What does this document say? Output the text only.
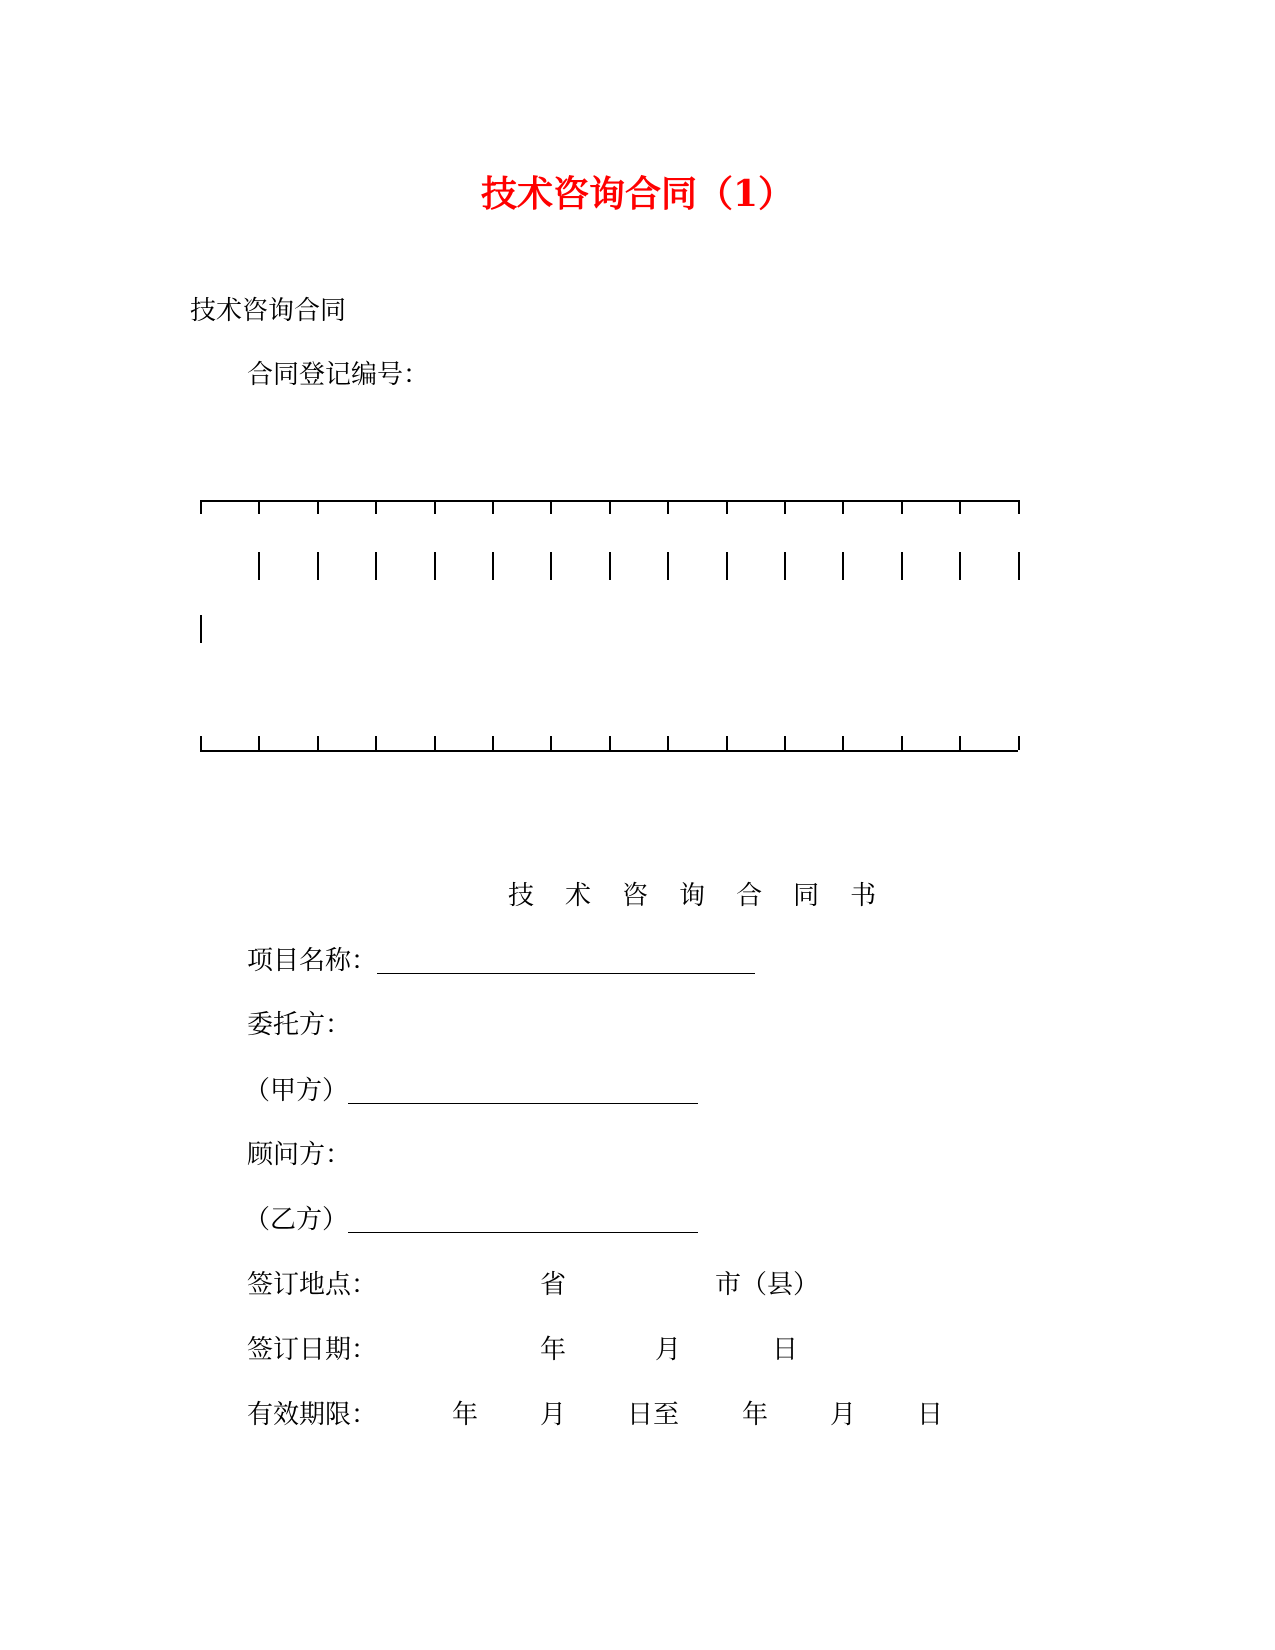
技术咨询合同（1）
技术咨询合同
合同登记编号：
技 术 咨 询 合 同 书
项目名称：
委托方：
（甲方）
顾问方：
（乙方）
签订地点：	省	市（县）
签订日期：	年	月	日
有效期限：	年 月 日至 年 月 日
